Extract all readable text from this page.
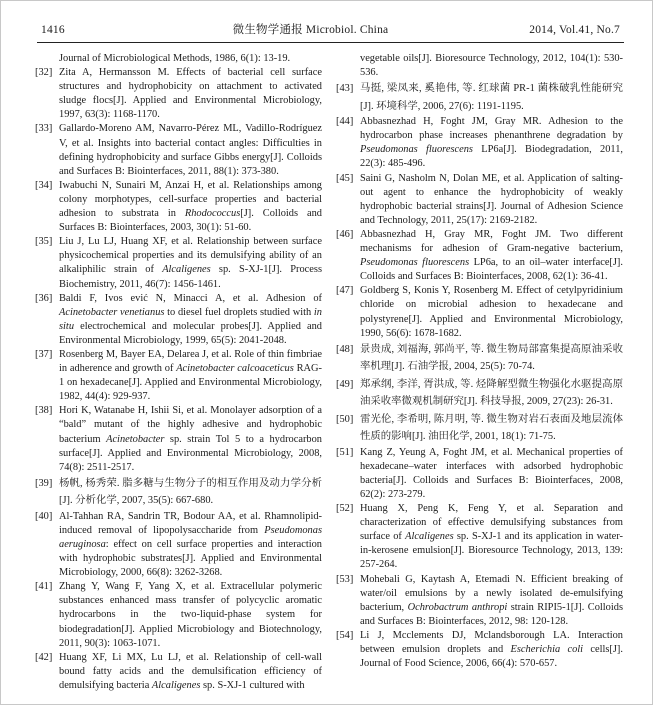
1416	微生物学通报 Microbiol. China	2014, Vol.41, No.7
Journal of Microbiological Methods, 1986, 6(1): 13-19.
[32] Zita A, Hermansson M. Effects of bacterial cell surface structures and hydrophobicity on attachment to activated sludge flocs[J]. Applied and Environmental Microbiology, 1997, 63(3): 1168-1170.
[33] Gallardo-Moreno AM, Navarro-Pérez ML, Vadillo-Rodríguez V, et al. Insights into bacterial contact angles: Difficulties in defining hydrophobicity and surface Gibbs energy[J]. Colloids and Surfaces B: Biointerfaces, 2011, 88(1): 373-380.
[34] Iwabuchi N, Sunairi M, Anzai H, et al. Relationships among colony morphotypes, cell-surface properties and bacterial adhesion to substrata in Rhodococcus[J]. Colloids and Surfaces B: Biointerfaces, 2003, 30(1): 51-60.
[35] Liu J, Lu LJ, Huang XF, et al. Relationship between surface physicochemical properties and its demulsifying ability of an alkaliphilic strain of Alcaligenes sp. S-XJ-1[J]. Process Biochemistry, 2011, 46(7): 1456-1461.
[36] Baldi F, Ivos ević N, Minacci A, et al. Adhesion of Acinetobacter venetianus to diesel fuel droplets studied with in situ electrochemical and molecular probes[J]. Applied and Environmental Microbiology, 1999, 65(5): 2041-2048.
[37] Rosenberg M, Bayer EA, Delarea J, et al. Role of thin fimbriae in adherence and growth of Acinetobacter calcoaceticus RAG-1 on hexadecane[J]. Applied and Environmental Microbiology, 1982, 44(4): 929-937.
[38] Hori K, Watanabe H, Ishii Si, et al. Monolayer adsorption of a “bald” mutant of the highly adhesive and hydrophobic bacterium Acinetobacter sp. strain Tol 5 to a hydrocarbon surface[J]. Applied and Environmental Microbiology, 2008, 74(8): 2511-2517.
[39] 杨帆, 杨秀荣. 脂多糖与生物分子的相互作用及动力学分析[J]. 分析化学, 2007, 35(5): 667-680.
[40] Al-Tahhan RA, Sandrin TR, Bodour AA, et al. Rhamnolipid-induced removal of lipopolysaccharide from Pseudomonas aeruginosa: effect on cell surface properties and interaction with hydrophobic substrates[J]. Applied and Environmental Microbiology, 2000, 66(8): 3262-3268.
[41] Zhang Y, Wang F, Yang X, et al. Extracellular polymeric substances enhanced mass transfer of polycyclic aromatic hydrocarbons in the two-liquid-phase system for biodegradation[J]. Applied Microbiology and Biotechnology, 2011, 90(3): 1063-1071.
[42] Huang XF, Li MX, Lu LJ, et al. Relationship of cell-wall bound fatty acids and the demulsification efficiency of demulsifying bacteria Alcaligenes sp. S-XJ-1 cultured with
vegetable oils[J]. Bioresource Technology, 2012, 104(1): 530-536.
[43] 马挺, 梁凤来, 奚艳伟, 等. 红球菌 PR-1 菌株破乳性能研究[J]. 环境科学, 2006, 27(6): 1191-1195.
[44] Abbasnezhad H, Foght JM, Gray MR. Adhesion to the hydrocarbon phase increases phenanthrene degradation by Pseudomonas fluorescens LP6a[J]. Biodegradation, 2011, 22(3): 485-496.
[45] Saini G, Nasholm N, Dolan ME, et al. Application of salting-out agent to enhance the hydrophobicity of weakly hydrophobic bacterial strains[J]. Journal of Adhesion Science and Technology, 2011, 25(17): 2169-2182.
[46] Abbasnezhad H, Gray MR, Foght JM. Two different mechanisms for adhesion of Gram-negative bacterium, Pseudomonas fluorescens LP6a, to an oil–water interface[J]. Colloids and Surfaces B: Biointerfaces, 2008, 62(1): 36-41.
[47] Goldberg S, Konis Y, Rosenberg M. Effect of cetylpyridinium chloride on microbial adhesion to hexadecane and polystyrene[J]. Applied and Environmental Microbiology, 1990, 56(6): 1678-1682.
[48] 景贵成, 刘福海, 郭尚平, 等. 微生物局部富集提高原油采收率机理[J]. 石油学报, 2004, 25(5): 70-74.
[49] 郑承纲, 李洋, 胥洪成, 等. 烃降解型微生物强化水驱提高原油采收率微观机制研究[J]. 科技导报, 2009, 27(23): 26-31.
[50] 雷光伦, 李希明, 陈月明, 等. 微生物对岩石表面及地层流体性质的影响[J]. 油田化学, 2001, 18(1): 71-75.
[51] Kang Z, Yeung A, Foght JM, et al. Mechanical properties of hexadecane–water interfaces with adsorbed hydrophobic bacteria[J]. Colloids and Surfaces B: Biointerfaces, 2008, 62(2): 273-279.
[52] Huang X, Peng K, Feng Y, et al. Separation and characterization of effective demulsifying substances from surface of Alcaligenes sp. S-XJ-1 and its application in water-in-kerosene emulsion[J]. Bioresource Technology, 2013, 139: 257-264.
[53] Mohebali G, Kaytash A, Etemadi N. Efficient breaking of water/oil emulsions by a newly isolated de-emulsifying bacterium, Ochrobactrum anthropi strain RIPI5-1[J]. Colloids and Surfaces B: Biointerfaces, 2012, 98: 120-128.
[54] Li J, Mcclements DJ, Mclandsborough LA. Interaction between emulsion droplets and Escherichia coli cells[J]. Journal of Food Science, 2006, 66(4): 570-657.
